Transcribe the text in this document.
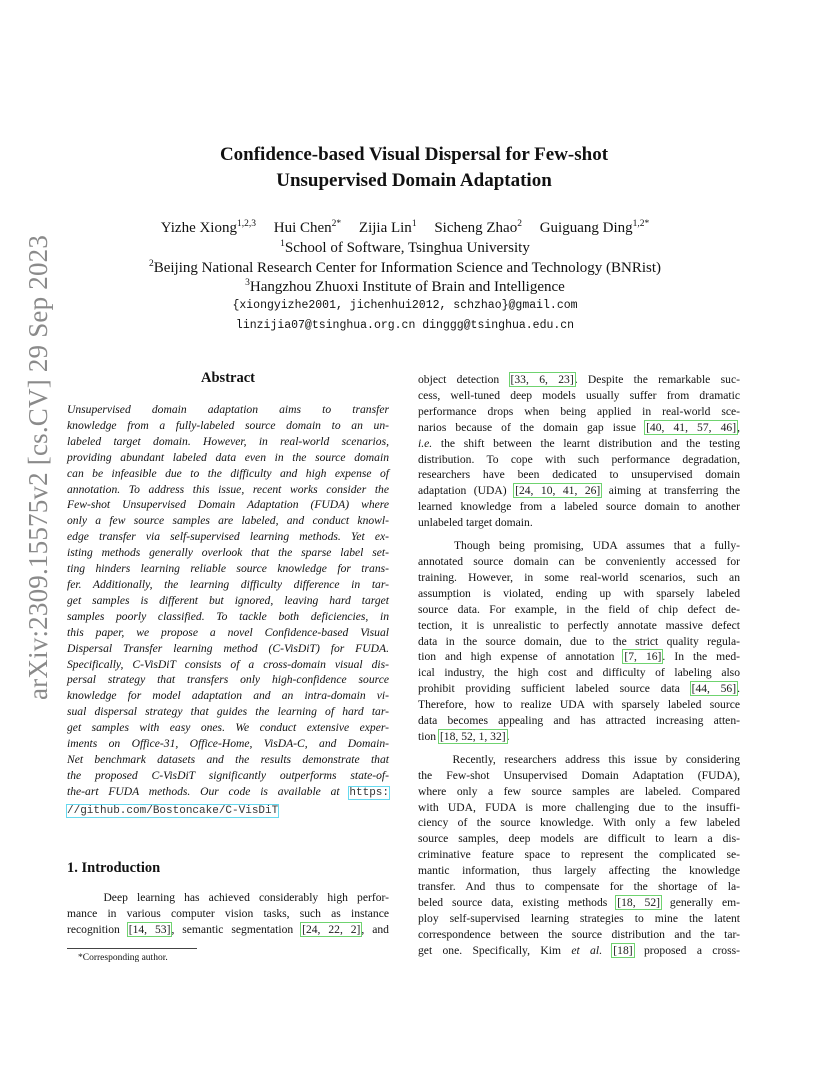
arXiv:2309.15575v2 [cs.CV] 29 Sep 2023
Confidence-based Visual Dispersal for Few-shot
Unsupervised Domain Adaptation
Yizhe Xiong$^{1,2,3}$ Hui Chen$^{2*}$ Zijia Lin$^1$ Sicheng Zhao$^2$ Guiguang Ding$^{1,2*}$
$^1$School of Software, Tsinghua University
$^2$Beijing National Research Center for Information Science and Technology (BNRist)
$^3$Hangzhou Zhuoxi Institute of Brain and Intelligence
{xiongyizhe2001, jichenhui2012, schzhao}@gmail.com
linzijia07@tsinghua.org.cn dinggg@tsinghua.edu.cn
Abstract
Unsupervised domain adaptation aims to transfer
knowledge from a fully-labeled source domain to an un-
labeled target domain. However, in real-world scenarios,
providing abundant labeled data even in the source domain
can be infeasible due to the difficulty and high expense of
annotation. To address this issue, recent works consider the
Few-shot Unsupervised Domain Adaptation (FUDA) where
only a few source samples are labeled, and conduct knowl-
edge transfer via self-supervised learning methods. Yet ex-
isting methods generally overlook that the sparse label set-
ting hinders learning reliable source knowledge for trans-
fer. Additionally, the learning difficulty difference in tar-
get samples is different but ignored, leaving hard target
samples poorly classified. To tackle both deficiencies, in
this paper, we propose a novel Confidence-based Visual
Dispersal Transfer learning method (C-VisDiT) for FUDA.
Specifically, C-VisDiT consists of a cross-domain visual dis-
persal strategy that transfers only high-confidence source
knowledge for model adaptation and an intra-domain vi-
sual dispersal strategy that guides the learning of hard tar-
get samples with easy ones. We conduct extensive exper-
iments on Office-31, Office-Home, VisDA-C, and Domain-
Net benchmark datasets and the results demonstrate that
the proposed C-VisDiT significantly outperforms state-of-
the-art FUDA methods. Our code is available at https:
//github.com/Bostoncake/C-VisDiT
1. Introduction
Deep learning has achieved considerably high perfor-
mance in various computer vision tasks, such as instance
recognition [14, 53], semantic segmentation [24, 22, 2], and
*Corresponding author.
object detection [33, 6, 23]. Despite the remarkable suc-
cess, well-tuned deep models usually suffer from dramatic
performance drops when being applied in real-world sce-
narios because of the domain gap issue [40, 41, 57, 46],
i.e. the shift between the learnt distribution and the testing
distribution. To cope with such performance degradation,
researchers have been dedicated to unsupervised domain
adaptation (UDA) [24, 10, 41, 26] aiming at transferring the
learned knowledge from a labeled source domain to another
unlabeled target domain.
Though being promising, UDA assumes that a fully-
annotated source domain can be conveniently accessed for
training. However, in some real-world scenarios, such an
assumption is violated, ending up with sparsely labeled
source data. For example, in the field of chip defect de-
tection, it is unrealistic to perfectly annotate massive defect
data in the source domain, due to the strict quality regula-
tion and high expense of annotation [7, 16]. In the med-
ical industry, the high cost and difficulty of labeling also
prohibit providing sufficient labeled source data [44, 56].
Therefore, how to realize UDA with sparsely labeled source
data becomes appealing and has attracted increasing atten-
tion [18, 52, 1, 32].
Recently, researchers address this issue by considering
the Few-shot Unsupervised Domain Adaptation (FUDA),
where only a few source samples are labeled. Compared
with UDA, FUDA is more challenging due to the insuffi-
ciency of the source knowledge. With only a few labeled
source samples, deep models are difficult to learn a dis-
criminative feature space to represent the complicated se-
mantic information, thus largely affecting the knowledge
transfer. And thus to compensate for the shortage of la-
beled source data, existing methods [18, 52] generally em-
ploy self-supervised learning strategies to mine the latent
correspondence between the source distribution and the tar-
get one. Specifically, Kim et al. [18] proposed a cross-
